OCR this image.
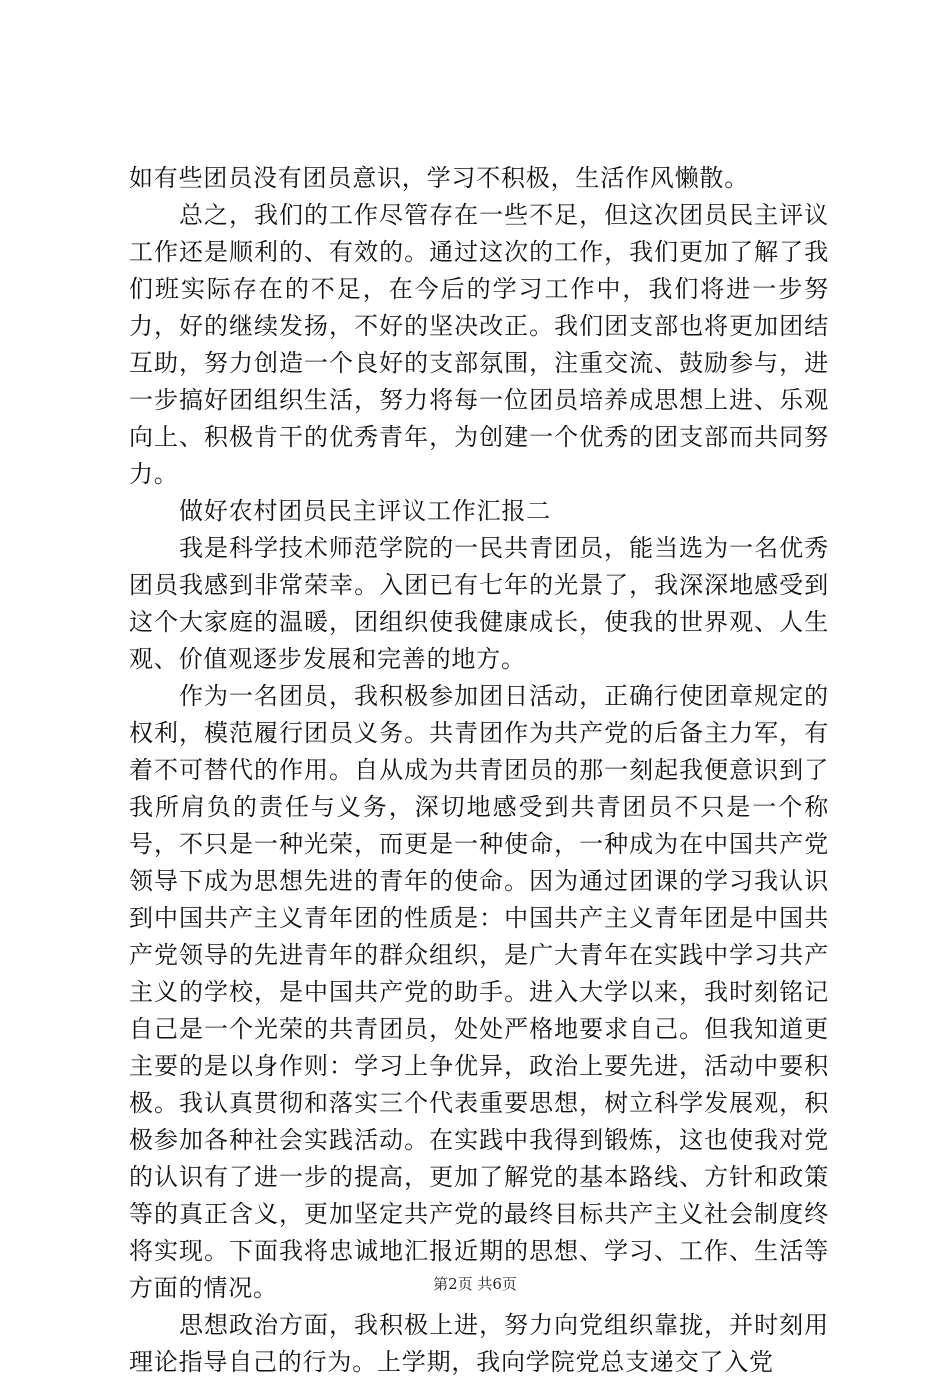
如有些团员没有团员意识，学习不积极，生活作风懒散。

总之，我们的工作尽管存在一些不足，但这次团员民主评议工作还是顺利的、有效的。通过这次的工作，我们更加了解了我们班实际存在的不足，在今后的学习工作中，我们将进一步努力，好的继续发扬，不好的坚决改正。我们团支部也将更加团结互助，努力创造一个良好的支部氛围，注重交流、鼓励参与，进一步搞好团组织生活，努力将每一位团员培养成思想上进、乐观向上、积极肯干的优秀青年，为创建一个优秀的团支部而共同努力。

做好农村团员民主评议工作汇报二

我是科学技术师范学院的一民共青团员，能当选为一名优秀团员我感到非常荣幸。入团已有七年的光景了，我深深地感受到这个大家庭的温暖，团组织使我健康成长，使我的世界观、人生观、价值观逐步发展和完善的地方。

作为一名团员，我积极参加团日活动，正确行使团章规定的权利，模范履行团员义务。共青团作为共产党的后备主力军，有着不可替代的作用。自从成为共青团员的那一刻起我便意识到了我所肩负的责任与义务，深切地感受到共青团员不只是一个称号，不只是一种光荣，而更是一种使命，一种成为在中国共产党领导下成为思想先进的青年的使命。因为通过团课的学习我认识到中国共产主义青年团的性质是：中国共产主义青年团是中国共产党领导的先进青年的群众组织，是广大青年在实践中学习共产主义的学校，是中国共产党的助手。进入大学以来，我时刻铭记自己是一个光荣的共青团员，处处严格地要求自己。但我知道更主要的是以身作则：学习上争优异，政治上要先进，活动中要积极。我认真贯彻和落实三个代表重要思想，树立科学发展观，积极参加各种社会实践活动。在实践中我得到锻炼，这也使我对党的认识有了进一步的提高，更加了解党的基本路线、方针和政策等的真正含义，更加坚定共产党的最终目标共产主义社会制度终将实现。下面我将忠诚地汇报近期的思想、学习、工作、生活等方面的情况。

思想政治方面，我积极上进，努力向党组织靠拢，并时刻用理论指导自己的行为。上学期，我向学院党总支递交了入党

第2页 共6页
